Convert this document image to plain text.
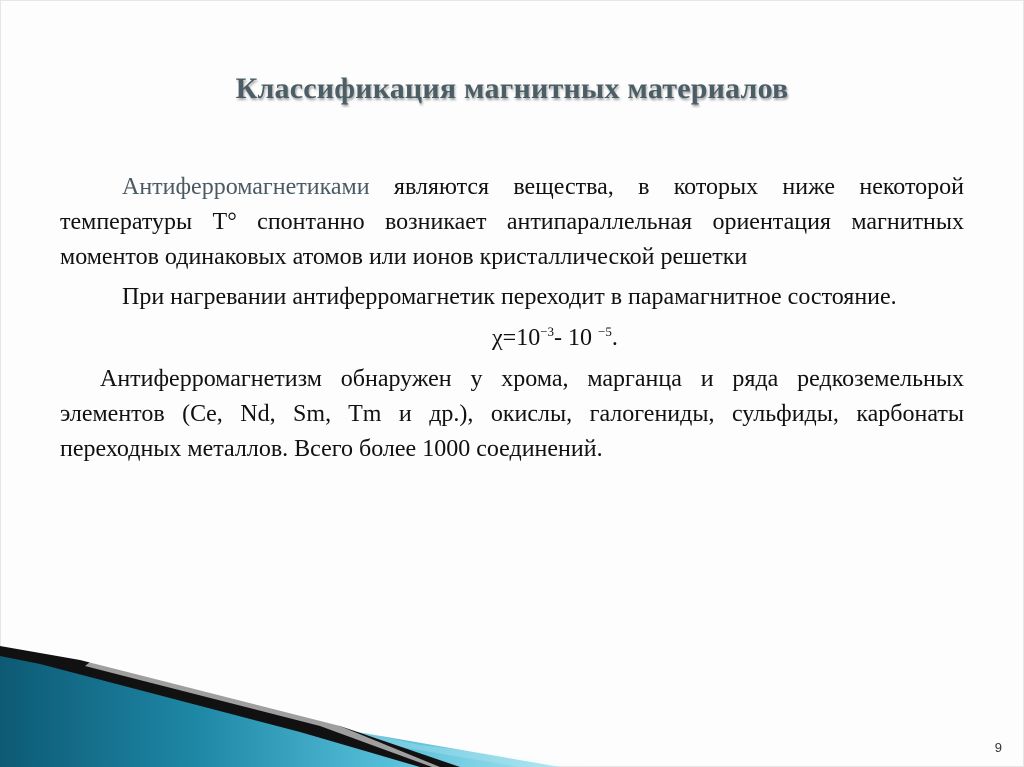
Классификация магнитных материалов

Антиферромагнетиками являются вещества, в которых ниже некоторой температуры T° спонтанно возникает антипараллельная ориентация магнитных моментов одинаковых атомов или ионов кристаллической решетки

При нагревании антиферромагнетик переходит в парамагнитное состояние.

$\chi=10^{-3}-$ 10 $^{-5}$.

Антиферромагнетизм обнаружен у хрома, марганца и ряда редкоземельных элементов (Ce, Nd, Sm, Tm и др.), окислы, галогениды, сульфиды, карбонаты переходных металлов. Всего более 1000 соединений.

9
